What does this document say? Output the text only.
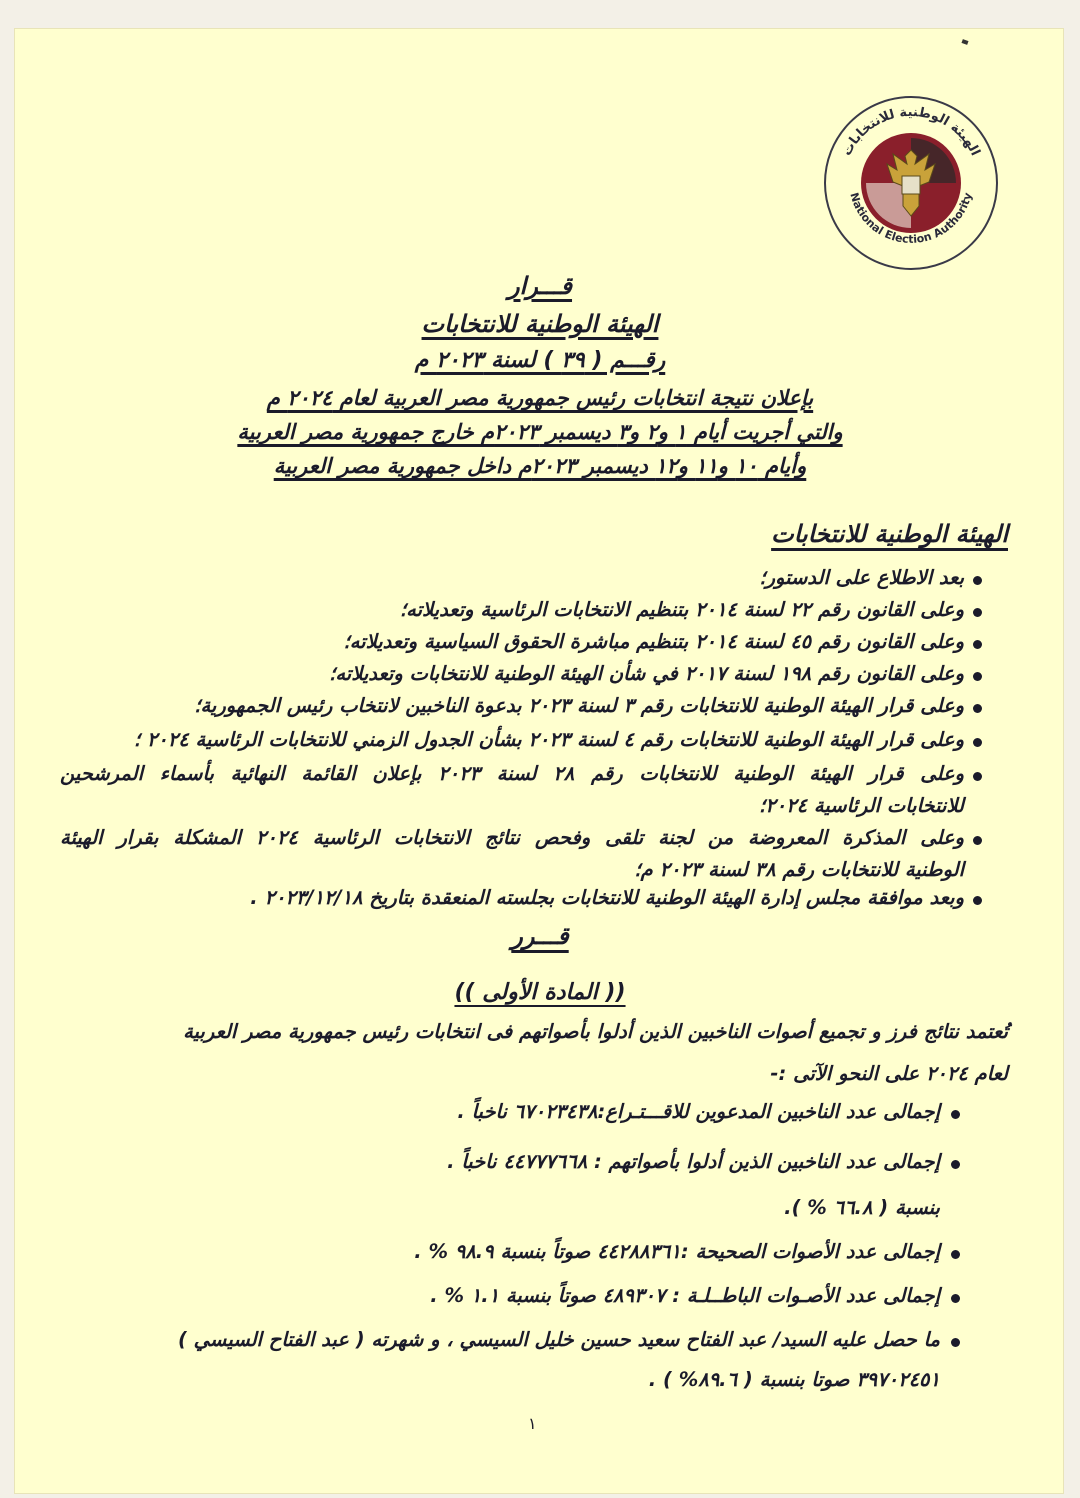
الهيئة الوطنية للانتخابات
National Election Authority
قـــرار
الهيئة الوطنية للانتخابات
رقـــم ( ٣٩ ) لسنة ٢٠٢٣ م
بإعلان نتيجة انتخابات رئيس جمهورية مصر العربية لعام ٢٠٢٤ م
والتي أجريت أيام ١ و٢ و٣ ديسمبر ٢٠٢٣م خارج جمهورية مصر العربية
وأيام ١٠ و١١ و١٢ ديسمبر ٢٠٢٣م داخل جمهورية مصر العربية
الهيئة الوطنية للانتخابات
بعد الاطلاع على الدستور؛
وعلى القانون رقم ٢٢ لسنة ٢٠١٤ بتنظيم الانتخابات الرئاسية وتعديلاته؛
وعلى القانون رقم ٤٥ لسنة ٢٠١٤ بتنظيم مباشرة الحقوق السياسية وتعديلاته؛
وعلى القانون رقم ١٩٨ لسنة ٢٠١٧ في شأن الهيئة الوطنية للانتخابات وتعديلاته؛
وعلى قرار الهيئة الوطنية للانتخابات رقم ٣ لسنة ٢٠٢٣ بدعوة الناخبين لانتخاب رئيس الجمهورية؛
وعلى قرار الهيئة الوطنية للانتخابات رقم ٤ لسنة ٢٠٢٣ بشأن الجدول الزمني للانتخابات الرئاسية ٢٠٢٤ ؛
وعلى قرار الهيئة الوطنية للانتخابات رقم ٢٨ لسنة ٢٠٢٣ بإعلان القائمة النهائية بأسماء المرشحين
للانتخابات الرئاسية ٢٠٢٤؛
وعلى المذكرة المعروضة من لجنة تلقى وفحص نتائج الانتخابات الرئاسية ٢٠٢٤ المشكلة بقرار الهيئة
الوطنية للانتخابات رقم ٣٨ لسنة ٢٠٢٣ م؛
وبعد موافقة مجلس إدارة الهيئة الوطنية للانتخابات بجلسته المنعقدة بتاريخ ٢٠٢٣/١٢/١٨ .
قـــرر
(( المادة الأولى ))
تُعتمد نتائج فرز و تجميع أصوات الناخبين الذين أدلوا بأصواتهم فى انتخابات رئيس جمهورية مصر العربية
لعام ٢٠٢٤ على النحو الآتى :-
إجمالى عدد الناخبين المدعوين للاقـــتـراع:٦٧٠٢٣٤٣٨ ناخباً .
إجمالى عدد الناخبين الذين أدلوا بأصواتهم : ٤٤٧٧٧٦٦٨ ناخباً .
بنسبة ( ٦٦.٨ % ).
إجمالى عدد الأصوات الصحيحة :٤٤٢٨٨٣٦١ صوتاً بنسبة ٩٨.٩ % .
إجمالى عدد الأصـوات الباطــلـة : ٤٨٩٣٠٧ صوتاً بنسبة ١.١ % .
ما حصل عليه السيد/ عبد الفتاح سعيد حسين خليل السيسي ، و شهرته ( عبد الفتاح السيسي )
٣٩٧٠٢٤٥١ صوتا بنسبة ( ٨٩.٦% ) .
١
